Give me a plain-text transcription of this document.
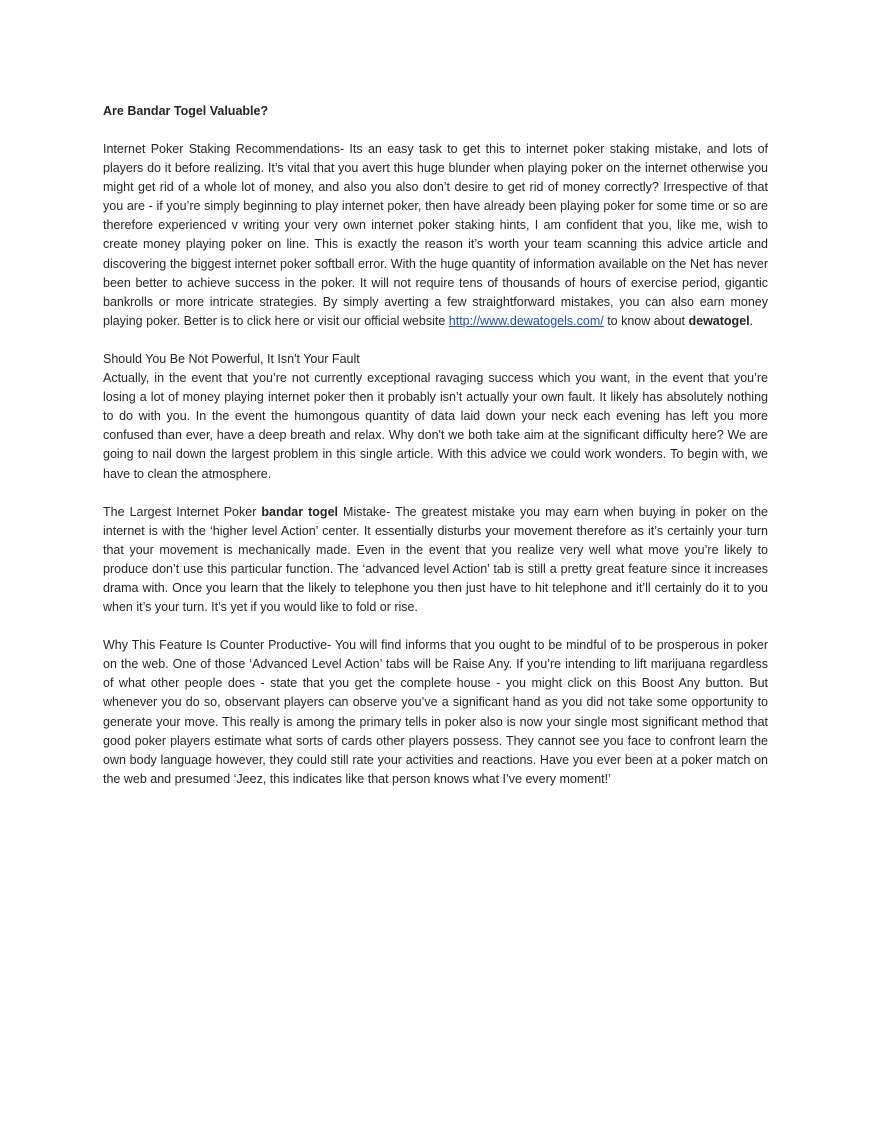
Are Bandar Togel Valuable?

Internet Poker Staking Recommendations- Its an easy task to get this to internet poker staking mistake, and lots of players do it before realizing. It’s vital that you avert this huge blunder when playing poker on the internet otherwise you might get rid of a whole lot of money, and also you also don’t desire to get rid of money correctly? Irrespective of that you are - if you’re simply beginning to play internet poker, then have already been playing poker for some time or so are therefore experienced v writing your very own internet poker staking hints, I am confident that you, like me, wish to create money playing poker on line. This is exactly the reason it’s worth your team scanning this advice article and discovering the biggest internet poker softball error. With the huge quantity of information available on the Net has never been better to achieve success in the poker. It will not require tens of thousands of hours of exercise period, gigantic bankrolls or more intricate strategies. By simply averting a few straightforward mistakes, you can also earn money playing poker. Better is to click here or visit our official website http://www.dewatogels.com/ to know about dewatogel.

Should You Be Not Powerful, It Isn't Your Fault

Actually, in the event that you’re not currently exceptional ravaging success which you want, in the event that you’re losing a lot of money playing internet poker then it probably isn’t actually your own fault. It likely has absolutely nothing to do with you. In the event the humongous quantity of data laid down your neck each evening has left you more confused than ever, have a deep breath and relax. Why don't we both take aim at the significant difficulty here? We are going to nail down the largest problem in this single article. With this advice we could work wonders. To begin with, we have to clean the atmosphere.

The Largest Internet Poker bandar togel Mistake- The greatest mistake you may earn when buying in poker on the internet is with the ‘higher level Action’ center. It essentially disturbs your movement therefore as it’s certainly your turn that your movement is mechanically made. Even in the event that you realize very well what move you’re likely to produce don’t use this particular function. The ‘advanced level Action’ tab is still a pretty great feature since it increases drama with. Once you learn that the likely to telephone you then just have to hit telephone and it’ll certainly do it to you when it’s your turn. It’s yet if you would like to fold or rise.

Why This Feature Is Counter Productive- You will find informs that you ought to be mindful of to be prosperous in poker on the web. One of those ‘Advanced Level Action’ tabs will be Raise Any. If you’re intending to lift marijuana regardless of what other people does - state that you get the complete house - you might click on this Boost Any button. But whenever you do so, observant players can observe you’ve a significant hand as you did not take some opportunity to generate your move. This really is among the primary tells in poker also is now your single most significant method that good poker players estimate what sorts of cards other players possess. They cannot see you face to confront learn the own body language however, they could still rate your activities and reactions. Have you ever been at a poker match on the web and presumed ‘Jeez, this indicates like that person knows what I’ve every moment!’
